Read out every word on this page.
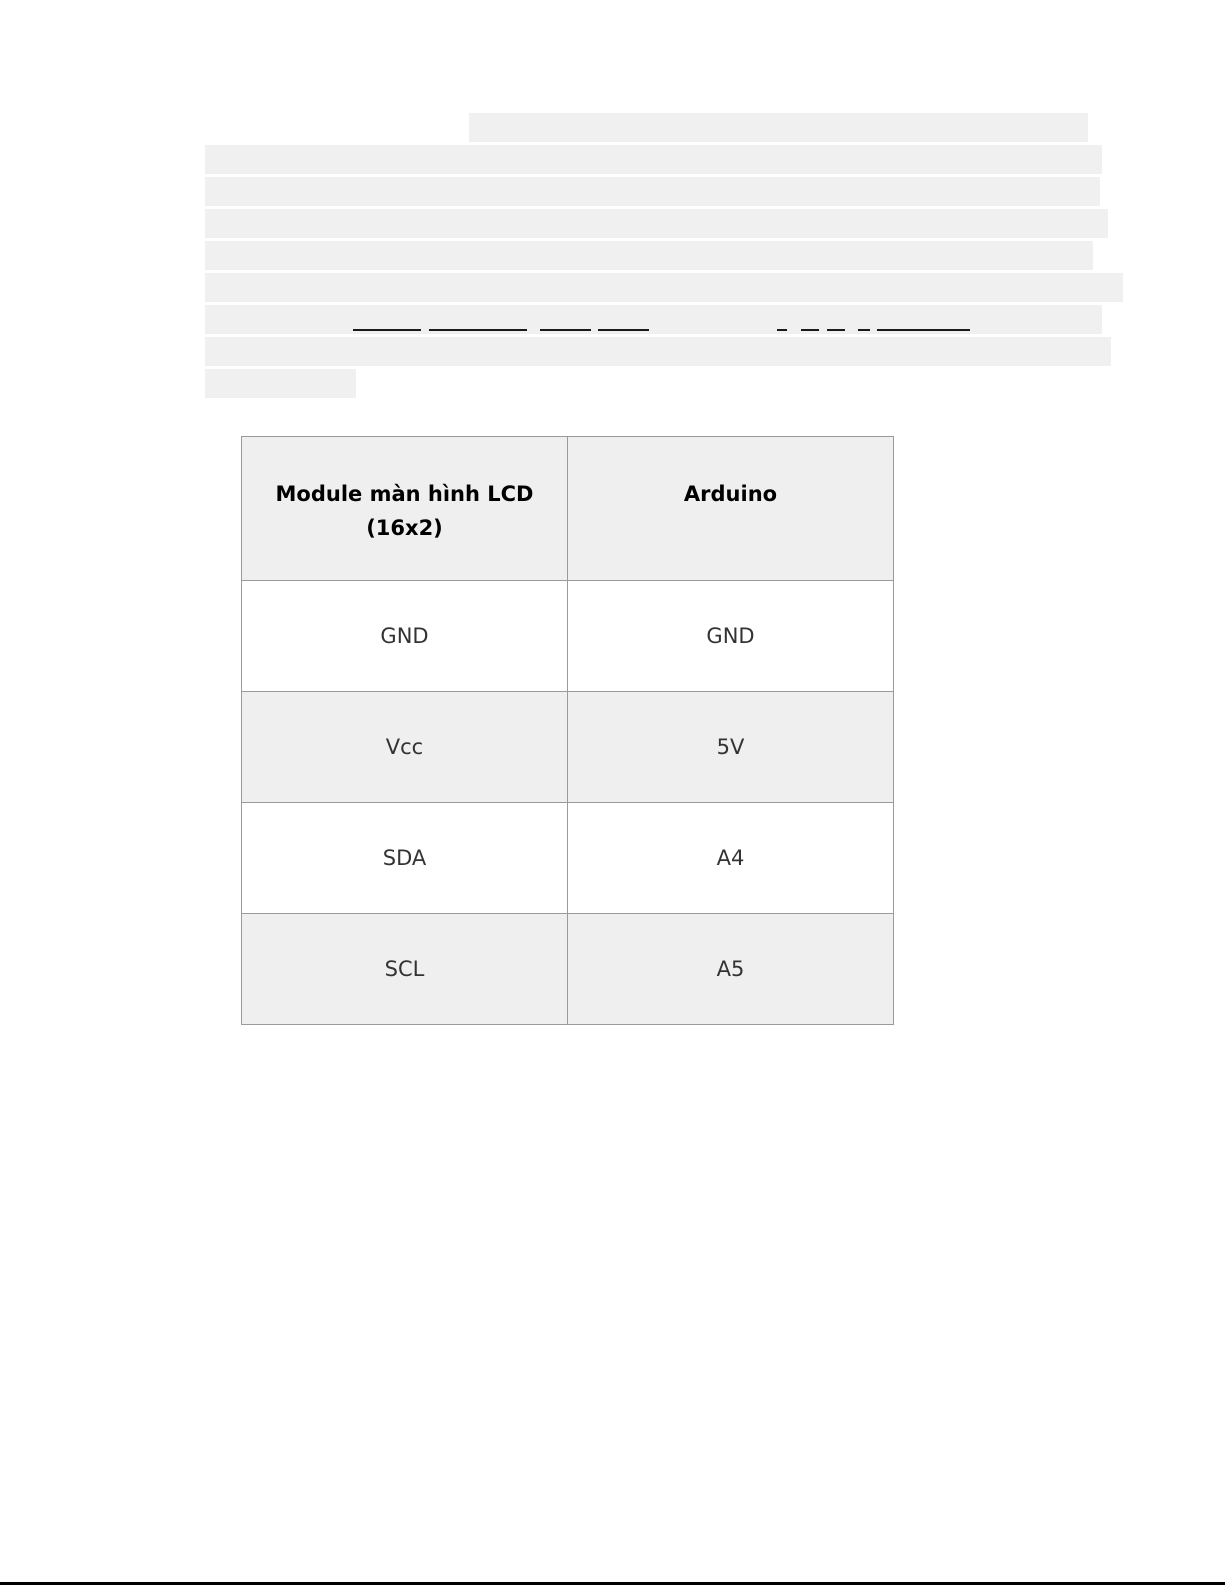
Module màn hình LCD (16x2)	Arduino
GND	GND
Vcc	5V
SDA	A4
SCL	A5
